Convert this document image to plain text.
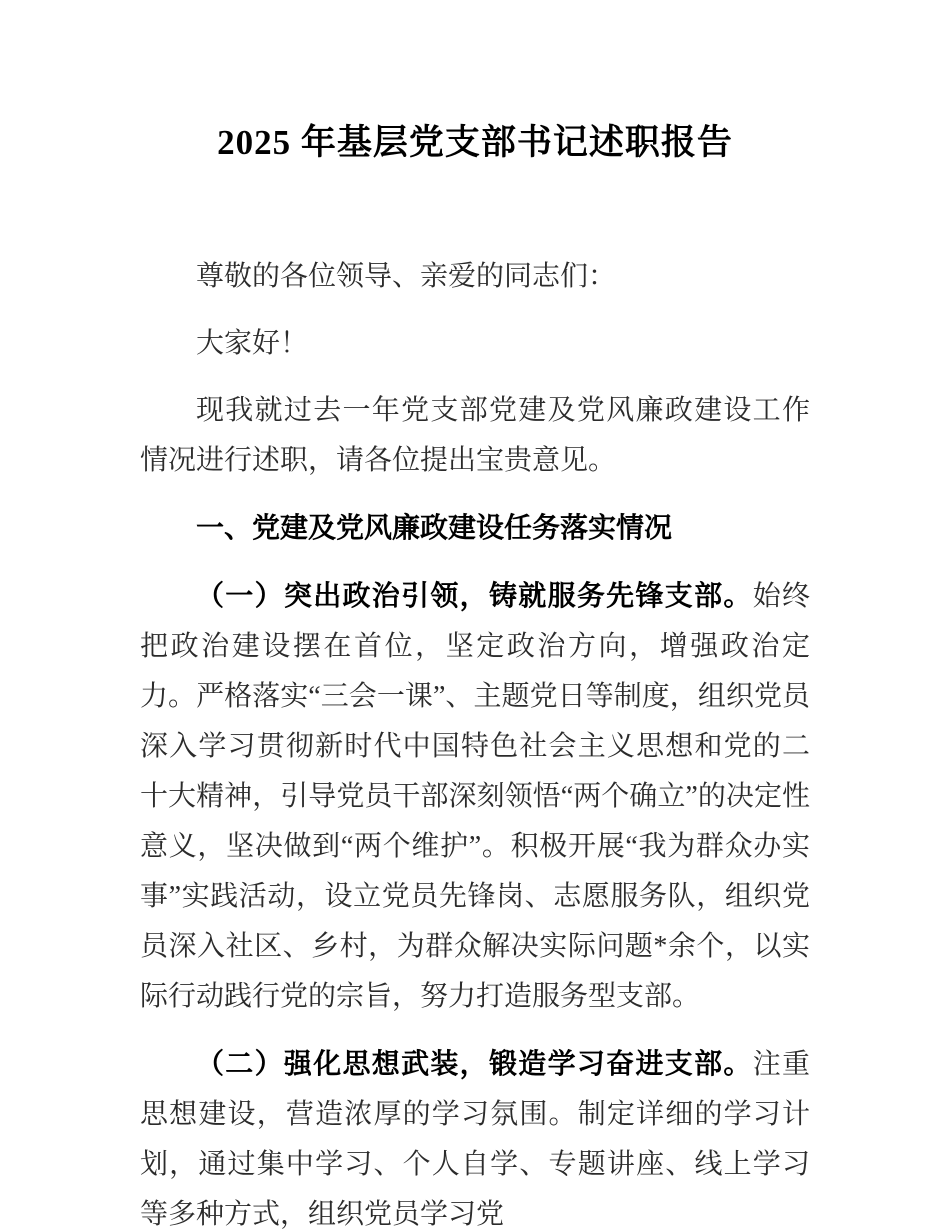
2025 年基层党支部书记述职报告

尊敬的各位领导、亲爱的同志们：

大家好！

现我就过去一年党支部党建及党风廉政建设工作情况进行述职，请各位提出宝贵意见。

一、党建及党风廉政建设任务落实情况

（一）突出政治引领，铸就服务先锋支部。始终把政治建设摆在首位，坚定政治方向，增强政治定力。严格落实“三会一课”、主题党日等制度，组织党员深入学习贯彻新时代中国特色社会主义思想和党的二十大精神，引导党员干部深刻领悟“两个确立”的决定性意义，坚决做到“两个维护”。积极开展“我为群众办实事”实践活动，设立党员先锋岗、志愿服务队，组织党员深入社区、乡村，为群众解决实际问题*余个，以实际行动践行党的宗旨，努力打造服务型支部。

（二）强化思想武装，锻造学习奋进支部。注重思想建设，营造浓厚的学习氛围。制定详细的学习计划，通过集中学习、个人自学、专题讲座、线上学习等多种方式，组织党员学习党
